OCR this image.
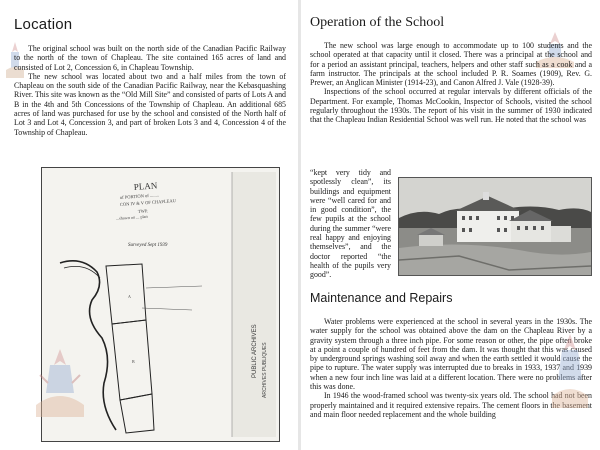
Location

The original school was built on the north side of the Canadian Pacific Railway to the north of the town of Chapleau. The site contained 165 acres of land and consisted of Lot 2, Concession 6, in Chapleau Township.

The new school was located about two and a half miles from the town of Chapleau on the south side of the Canadian Pacific Railway, near the Kebasquashing River. This site was known as the “Old Mill Site” and consisted of parts of Lots A and B in the 4th and 5th Concessions of the Township of Chapleau. An additional 685 acres of land was purchased for use by the school and consisted of the North half of Lot 3 and Lot 4, Concession 3, and part of broken Lots 3 and 4, Concession 4 of the Township of Chapleau.

PLAN
of PORTION of ........
CON IV & V OF CHAPLEAU
TWP.
...shown on ... plan
Surveyed Sept 1939
A
B	PUBLIC ARCHIVES ARCHIVES PUBLIQUES
Operation of the School

The new school was large enough to accommodate up to 100 students and the school operated at that capacity until it closed. There was a principal at the school and for a period an assistant principal, teachers, helpers and other staff such as a cook and a farm instructor. The principals at the school included P. R. Soames (1909), Rev. G. Prewer, an Anglican Minister (1914-23), and Canon Alfred J. Vale (1928-39).

Inspections of the school occurred at regular intervals by different officials of the Department. For example, Thomas McCookin, Inspector of Schools, visited the school regularly throughout the 1930s. The report of his visit in the summer of 1930 indicated that the Chapleau Indian Residential School was well run. He noted that the school was

“kept very tidy and spotlessly clean”, its buildings and equipment were “well cared for and in good condition”, the few pupils at the school during the summer “were real happy and enjoying themselves”, and the doctor reported “the health of the pupils very good”.
Maintenance and Repairs

Water problems were experienced at the school in several years in the 1930s. The water supply for the school was obtained above the dam on the Chapleau River by a gravity system through a three inch pipe. For some reason or other, the pipe often broke at a point a couple of hundred of feet from the dam. It was thought that this was caused by underground springs washing soil away and when the earth settled it would cause the pipe to rupture. The water supply was interrupted due to breaks in 1933, 1937 and 1939 when a new four inch line was laid at a different location. There were no problems after this was done.

In 1946 the wood-framed school was twenty-six years old. The school had not been properly maintained and it required extensive repairs. The cement floors in the basement and main floor needed replacement and the whole building
